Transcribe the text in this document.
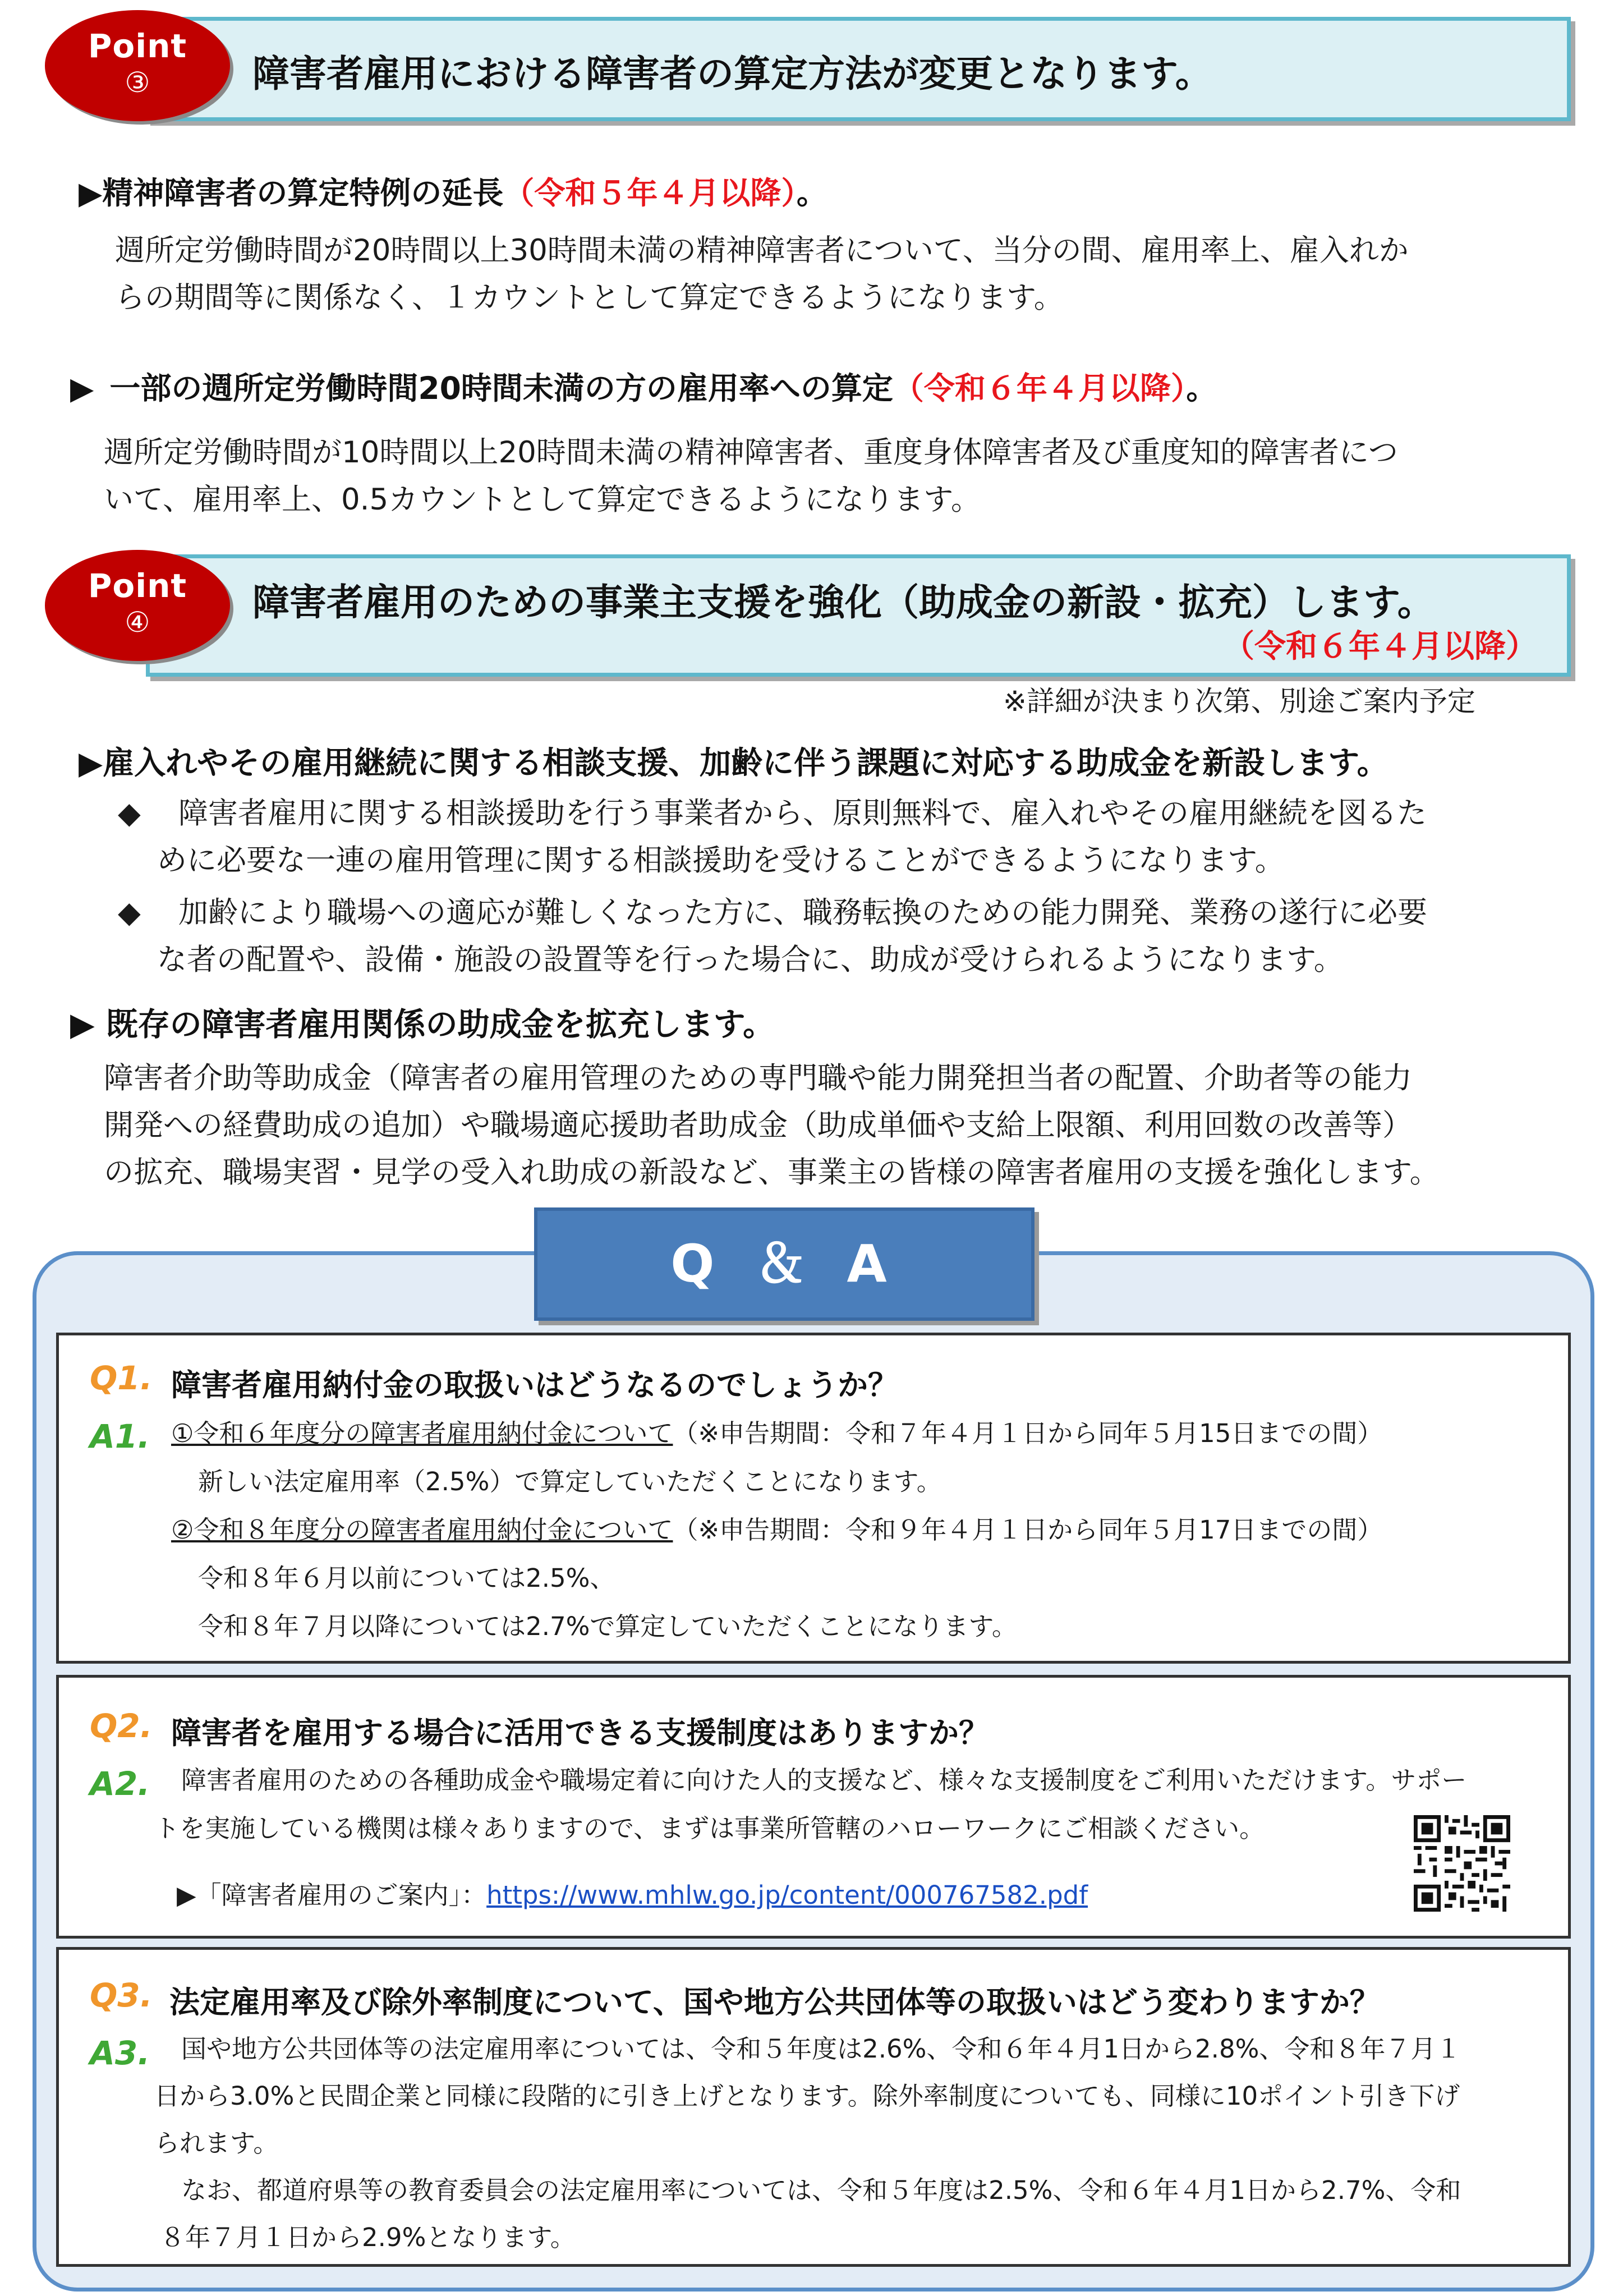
障害者雇用における障害者の算定方法が変更となります。
Point
③
▶精神障害者の算定特例の延長（令和５年４月以降）。
週所定労働時間が20時間以上30時間未満の精神障害者について、当分の間、雇用率上、雇入れか
らの期間等に関係なく、１カウントとして算定できるようになります。
▶ 一部の週所定労働時間20時間未満の方の雇用率への算定（令和６年４月以降）。
週所定労働時間が10時間以上20時間未満の精神障害者、重度身体障害者及び重度知的障害者につ
いて、雇用率上、0.5カウントとして算定できるようになります。
障害者雇用のための事業主支援を強化（助成金の新設・拡充）します。
（令和６年４月以降）
Point
④
※詳細が決まり次第、別途ご案内予定
▶雇入れやその雇用継続に関する相談支援、加齢に伴う課題に対応する助成金を新設します。
◆ 障害者雇用に関する相談援助を行う事業者から、原則無料で、雇入れやその雇用継続を図るた
めに必要な一連の雇用管理に関する相談援助を受けることができるようになります。
◆ 加齢により職場への適応が難しくなった方に、職務転換のための能力開発、業務の遂行に必要
な者の配置や、設備・施設の設置等を行った場合に、助成が受けられるようになります。
▶ 既存の障害者雇用関係の助成金を拡充します。
障害者介助等助成金（障害者の雇用管理のための専門職や能力開発担当者の配置、介助者等の能力
開発への経費助成の追加）や職場適応援助者助成金（助成単価や支給上限額、利用回数の改善等）
の拡充、職場実習・見学の受入れ助成の新設など、事業主の皆様の障害者雇用の支援を強化します。
Q ＆ A
Q1. 障害者雇用納付金の取扱いはどうなるのでしょうか？
A1. ①令和６年度分の障害者雇用納付金について（※申告期間：令和７年４月１日から同年５月15日までの間）
新しい法定雇用率（2.5%）で算定していただくことになります。
②令和８年度分の障害者雇用納付金について（※申告期間：令和９年４月１日から同年５月17日までの間）
令和８年６月以前については2.5%、
令和８年７月以降については2.7%で算定していただくことになります。
Q2. 障害者を雇用する場合に活用できる支援制度はありますか？
A2.	障害者雇用のための各種助成金や職場定着に向けた人的支援など、様々な支援制度をご利用いただけます。サポー
トを実施している機関は様々ありますので、まずは事業所管轄のハローワークにご相談ください。
▶「障害者雇用のご案内」：https://www.mhlw.go.jp/content/000767582.pdf
Q3. 法定雇用率及び除外率制度について、国や地方公共団体等の取扱いはどう変わりますか？
A3.	国や地方公共団体等の法定雇用率については、令和５年度は2.6%、令和６年４月1日から2.8%、令和８年７月１
日から3.0%と民間企業と同様に段階的に引き上げとなります。除外率制度についても、同様に10ポイント引き下げ
られます。
なお、都道府県等の教育委員会の法定雇用率については、令和５年度は2.5%、令和６年４月1日から2.7%、令和
８年７月１日から2.9%となります。
